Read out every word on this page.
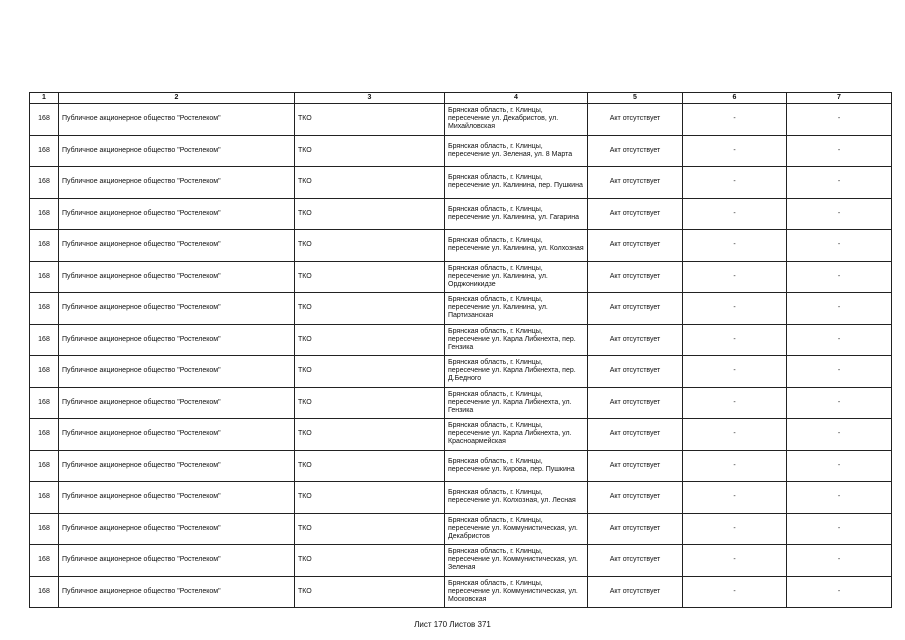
1	2	3	4	5	6	7
168	Публичное акционерное общество "Ростелеком"	ТКО	Брянская область, г. Клинцы, пересечение ул. Декабристов, ул. Михайловская	Акт отсутствует	-	-
168	Публичное акционерное общество "Ростелеком"	ТКО	Брянская область, г. Клинцы, пересечение ул. Зеленая, ул. 8 Марта	Акт отсутствует	-	-
168	Публичное акционерное общество "Ростелеком"	ТКО	Брянская область, г. Клинцы, пересечение ул. Калинина, пер. Пушкина	Акт отсутствует	-	-
168	Публичное акционерное общество "Ростелеком"	ТКО	Брянская область, г. Клинцы, пересечение ул. Калинина, ул. Гагарина	Акт отсутствует	-	-
168	Публичное акционерное общество "Ростелеком"	ТКО	Брянская область, г. Клинцы, пересечение ул. Калинина, ул. Колхозная	Акт отсутствует	-	-
168	Публичное акционерное общество "Ростелеком"	ТКО	Брянская область, г. Клинцы, пересечение ул. Калинина, ул. Орджоникидзе	Акт отсутствует	-	-
168	Публичное акционерное общество "Ростелеком"	ТКО	Брянская область, г. Клинцы, пересечение ул. Калинина, ул. Партизанская	Акт отсутствует	-	-
168	Публичное акционерное общество "Ростелеком"	ТКО	Брянская область, г. Клинцы, пересечение ул. Карла Либкнехта, пер. Гензика	Акт отсутствует	-	-
168	Публичное акционерное общество "Ростелеком"	ТКО	Брянская область, г. Клинцы, пересечение ул. Карла Либкнехта, пер. Д.Бедного	Акт отсутствует	-	-
168	Публичное акционерное общество "Ростелеком"	ТКО	Брянская область, г. Клинцы, пересечение ул. Карла Либкнехта, ул. Гензика	Акт отсутствует	-	-
168	Публичное акционерное общество "Ростелеком"	ТКО	Брянская область, г. Клинцы, пересечение ул. Карла Либкнехта, ул. Красноармейская	Акт отсутствует	-	-
168	Публичное акционерное общество "Ростелеком"	ТКО	Брянская область, г. Клинцы, пересечение ул. Кирова, пер. Пушкина	Акт отсутствует	-	-
168	Публичное акционерное общество "Ростелеком"	ТКО	Брянская область, г. Клинцы, пересечение ул. Колхозная, ул. Лесная	Акт отсутствует	-	-
168	Публичное акционерное общество "Ростелеком"	ТКО	Брянская область, г. Клинцы, пересечение ул. Коммунистическая, ул. Декабристов	Акт отсутствует	-	-
168	Публичное акционерное общество "Ростелеком"	ТКО	Брянская область, г. Клинцы, пересечение ул. Коммунистическая, ул. Зеленая	Акт отсутствует	-	-
168	Публичное акционерное общество "Ростелеком"	ТКО	Брянская область, г. Клинцы, пересечение ул. Коммунистическая, ул. Московская	Акт отсутствует	-	-
Лист 170 Листов 371
